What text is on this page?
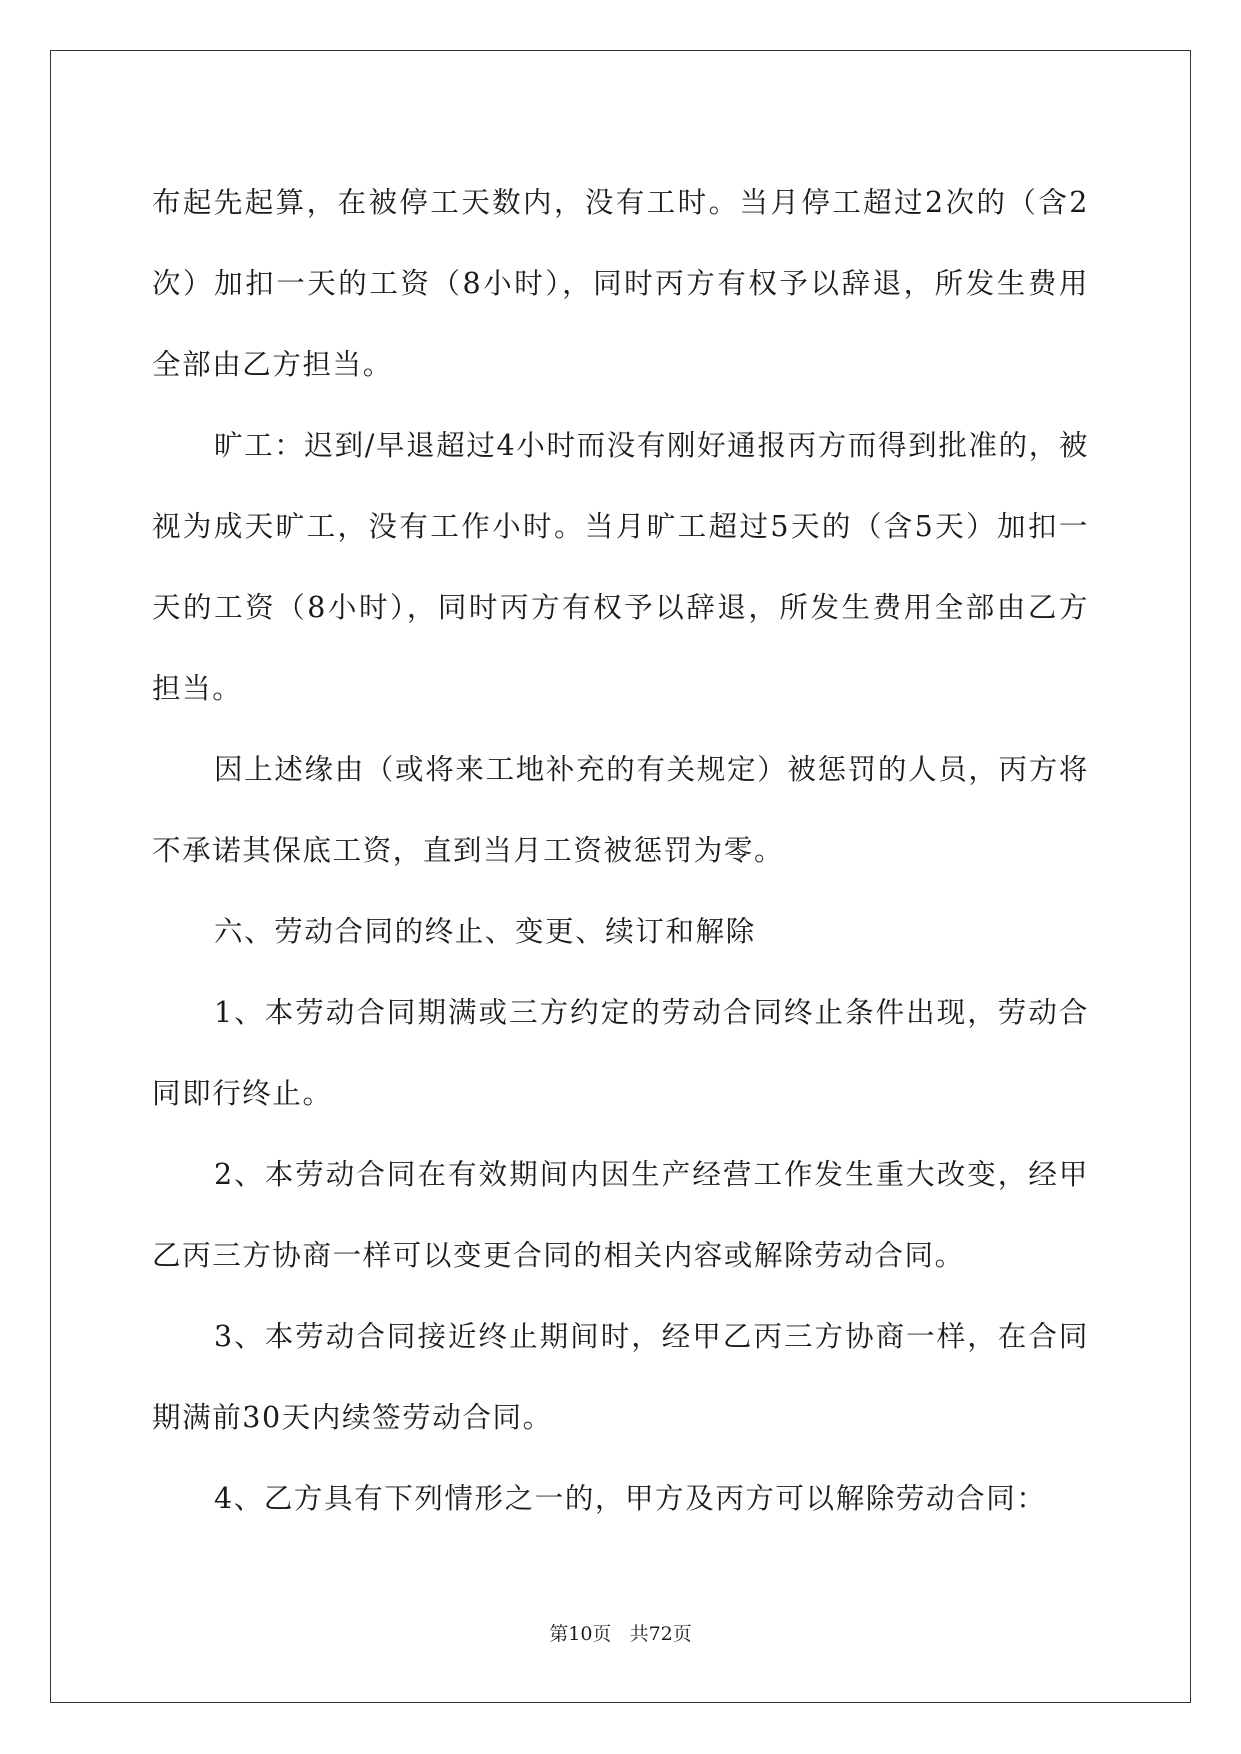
布起先起算，在被停工天数内，没有工时。当月停工超过2次的（含2次）加扣一天的工资（8小时），同时丙方有权予以辞退，所发生费用全部由乙方担当。

旷工：迟到/早退超过4小时而没有刚好通报丙方而得到批准的，被视为成天旷工，没有工作小时。当月旷工超过5天的（含5天）加扣一天的工资（8小时），同时丙方有权予以辞退，所发生费用全部由乙方担当。

因上述缘由（或将来工地补充的有关规定）被惩罚的人员，丙方将不承诺其保底工资，直到当月工资被惩罚为零。

六、劳动合同的终止、变更、续订和解除

1、本劳动合同期满或三方约定的劳动合同终止条件出现，劳动合同即行终止。

2、本劳动合同在有效期间内因生产经营工作发生重大改变，经甲乙丙三方协商一样可以变更合同的相关内容或解除劳动合同。

3、本劳动合同接近终止期间时，经甲乙丙三方协商一样，在合同期满前30天内续签劳动合同。

4、乙方具有下列情形之一的，甲方及丙方可以解除劳动合同：

第10页 共72页
